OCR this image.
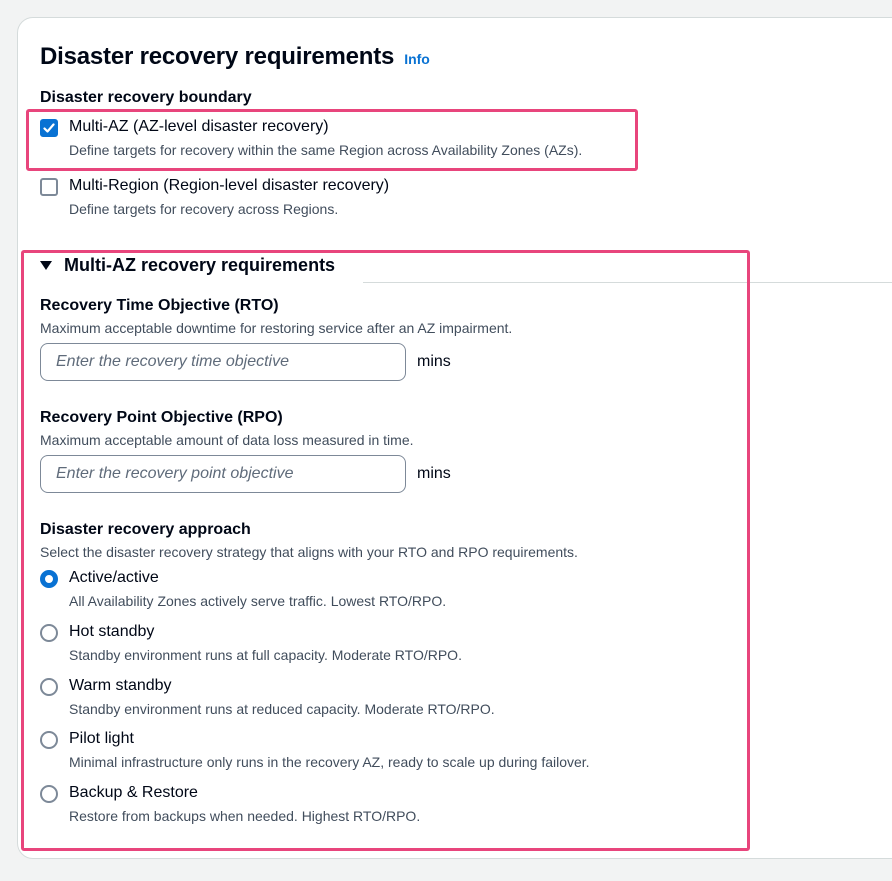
Disaster recovery requirements Info
Disaster recovery boundary
Multi-AZ (AZ-level disaster recovery)
Define targets for recovery within the same Region across Availability Zones (AZs).
Multi-Region (Region-level disaster recovery)
Define targets for recovery across Regions.
Multi-AZ recovery requirements
Recovery Time Objective (RTO)
Maximum acceptable downtime for restoring service after an AZ impairment.
Enter the recovery time objective
mins
Recovery Point Objective (RPO)
Maximum acceptable amount of data loss measured in time.
Enter the recovery point objective
mins
Disaster recovery approach
Select the disaster recovery strategy that aligns with your RTO and RPO requirements.
Active/active
All Availability Zones actively serve traffic. Lowest RTO/RPO.
Hot standby
Standby environment runs at full capacity. Moderate RTO/RPO.
Warm standby
Standby environment runs at reduced capacity. Moderate RTO/RPO.
Pilot light
Minimal infrastructure only runs in the recovery AZ, ready to scale up during failover.
Backup & Restore
Restore from backups when needed. Highest RTO/RPO.
